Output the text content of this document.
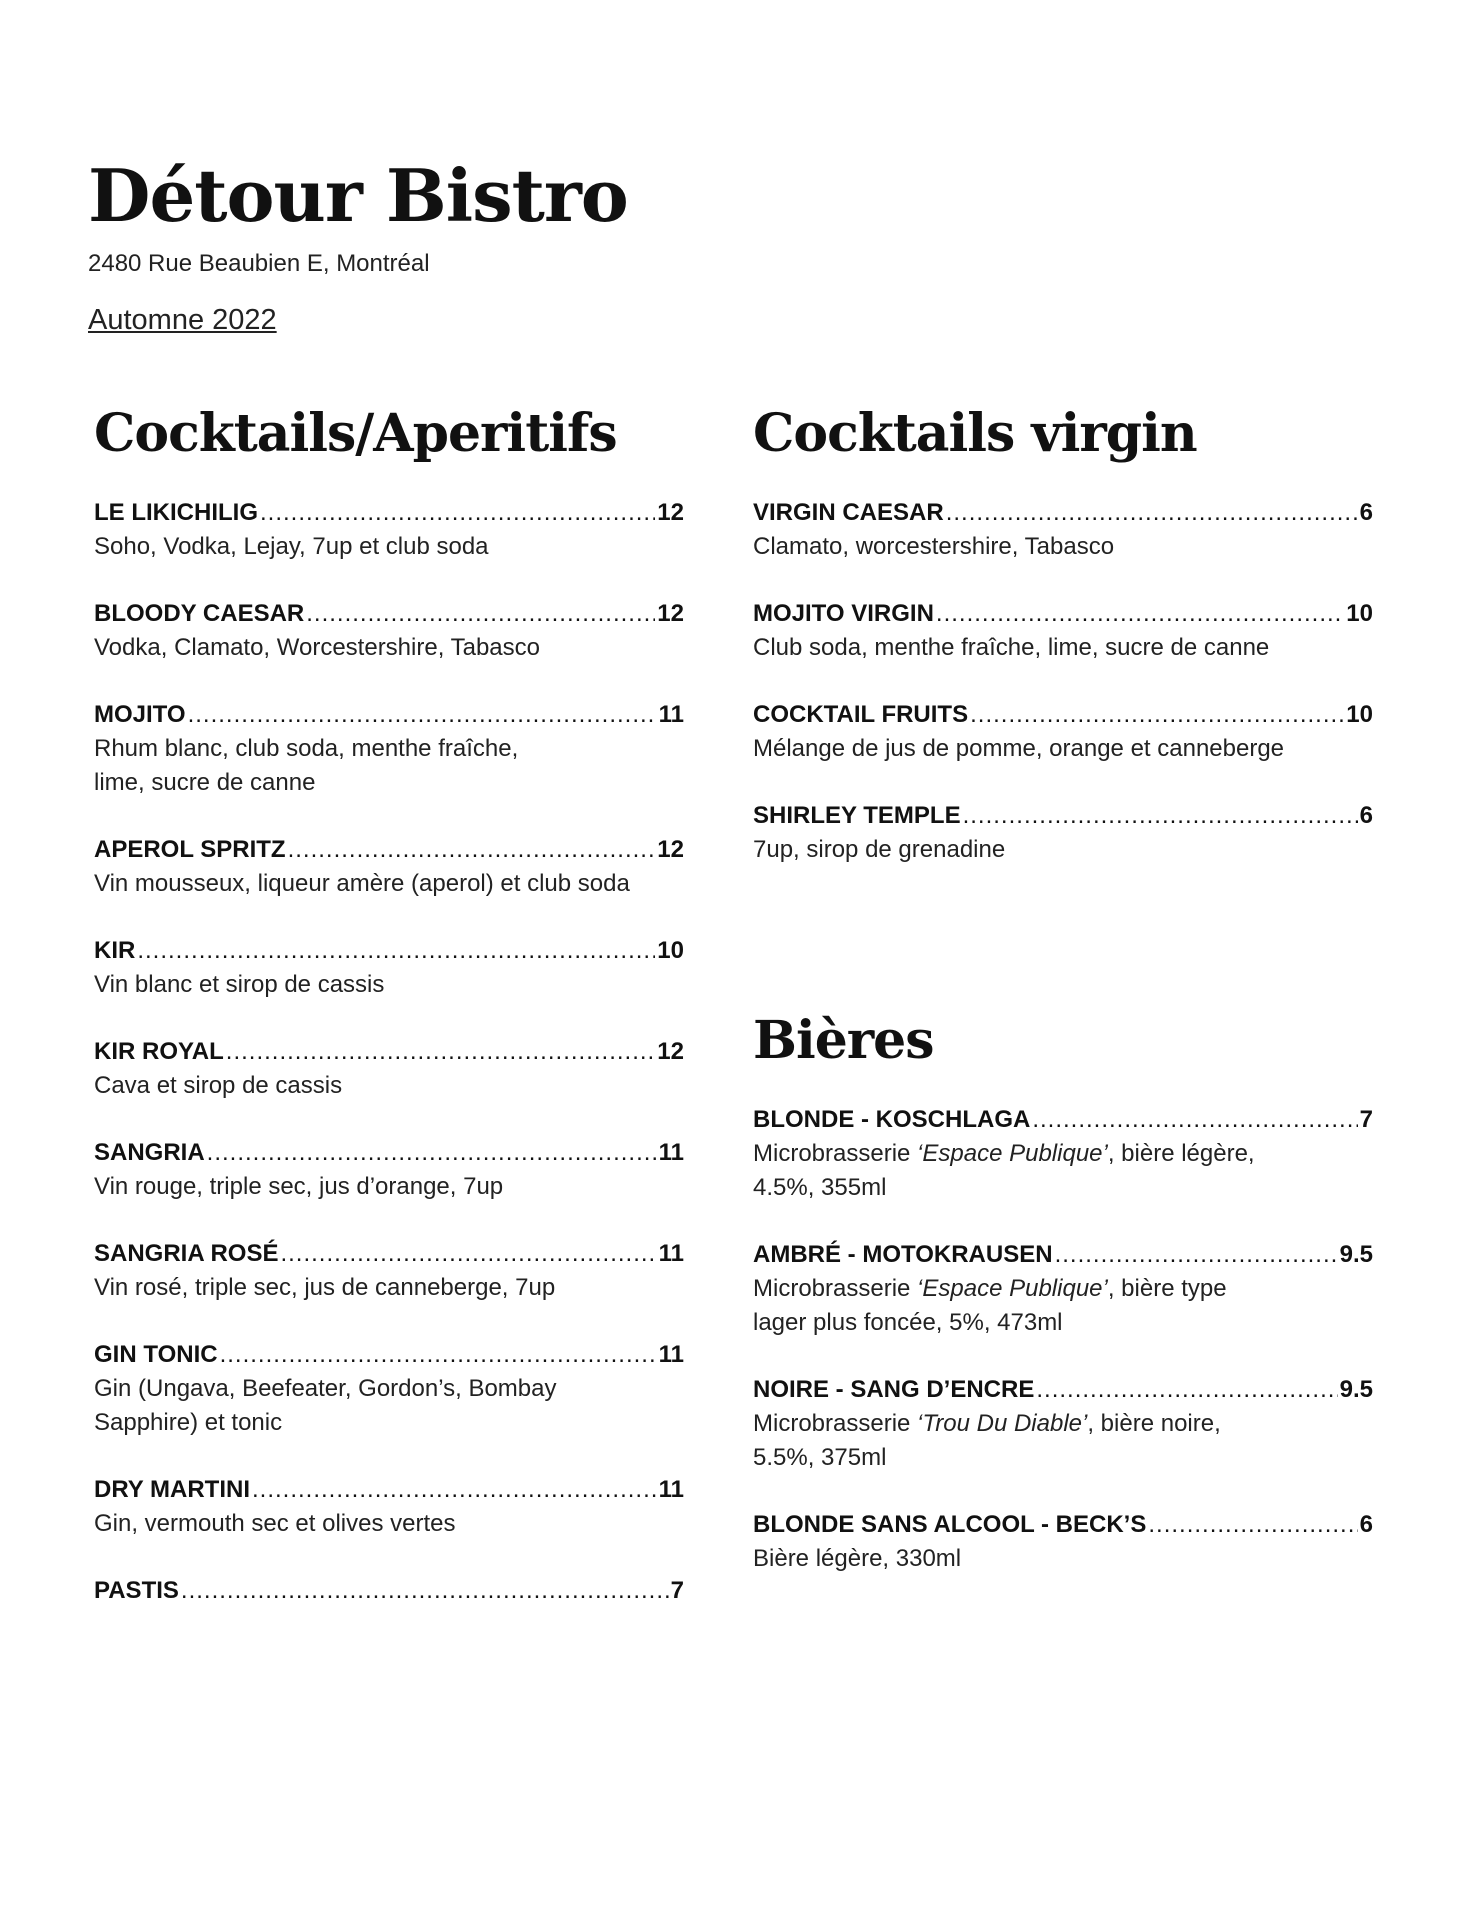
Détour Bistro
2480 Rue Beaubien E, Montréal
Automne 2022
Cocktails/Aperitifs
LE LIKICHILIG .....	12
Soho, Vodka, Lejay, 7up et club soda
BLOODY CAESAR .....	12
Vodka, Clamato, Worcestershire, Tabasco
MOJITO .....	11
Rhum blanc, club soda, menthe fraîche,
lime, sucre de canne
APEROL SPRITZ .....	12
Vin mousseux, liqueur amère (aperol) et club soda
KIR .....	10
Vin blanc et sirop de cassis
KIR ROYAL .....	12
Cava et sirop de cassis
SANGRIA .....	11
Vin rouge, triple sec, jus d’orange, 7up
SANGRIA ROSÉ .....	11
Vin rosé, triple sec, jus de canneberge, 7up
GIN TONIC .....	11
Gin (Ungava, Beefeater, Gordon’s, Bombay
Sapphire) et tonic
DRY MARTINI .....	11
Gin, vermouth sec et olives vertes
PASTIS .....	7
Cocktails virgin
VIRGIN CAESAR .....	6
Clamato, worcestershire, Tabasco
MOJITO VIRGIN .....	10
Club soda, menthe fraîche, lime, sucre de canne
COCKTAIL FRUITS .....	10
Mélange de jus de pomme, orange et canneberge
SHIRLEY TEMPLE .....	6
7up, sirop de grenadine
Bières
BLONDE - KOSCHLAGA .....	7
Microbrasserie ‘Espace Publique’, bière légère,
4.5%, 355ml
AMBRÉ - MOTOKRAUSEN .....	9.5
Microbrasserie ‘Espace Publique’, bière type
lager plus foncée, 5%, 473ml
NOIRE - SANG D’ENCRE .....	9.5
Microbrasserie ‘Trou Du Diable’, bière noire,
5.5%, 375ml
BLONDE SANS ALCOOL - BECK’S .....	6
Bière légère, 330ml
